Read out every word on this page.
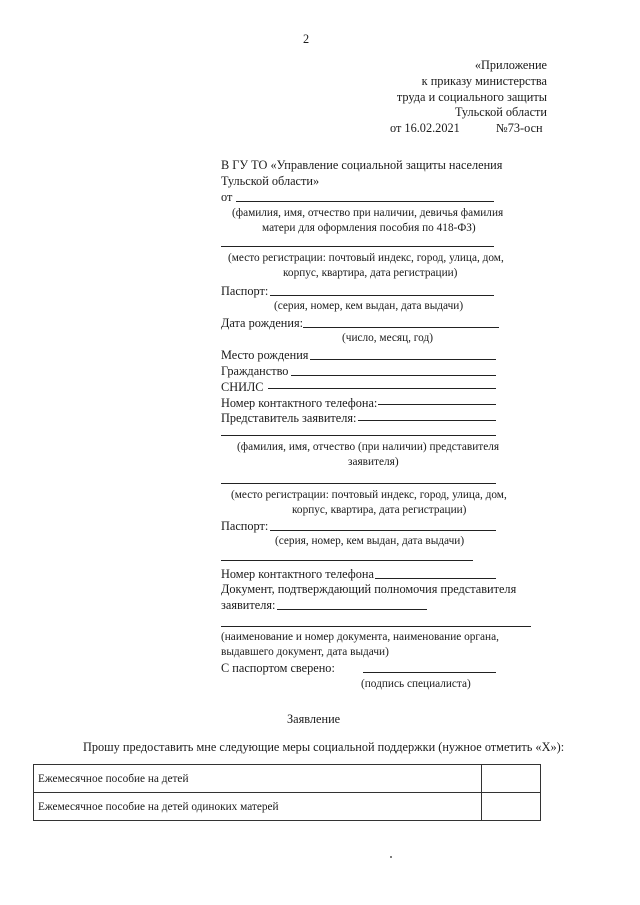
2
«Приложение
к приказу министерства
труда и социального защиты
Тульской области
от 16.02.2021	№73-осн
В ГУ ТО «Управление социальной защиты населения
Тульской области»
от
(фамилия, имя, отчество при наличии, девичья фамилия
матери для оформления пособия по 418-ФЗ)
(место регистрации: почтовый индекс, город, улица, дом,
корпус, квартира, дата регистрации)
Паспорт:
(серия, номер, кем выдан, дата выдачи)
Дата рождения:
(число, месяц, год)
Место рождения
Гражданство
СНИЛС
Номер контактного телефона:
Представитель заявителя:
(фамилия, имя, отчество (при наличии) представителя
заявителя)
(место регистрации: почтовый индекс, город, улица, дом,
корпус, квартира, дата регистрации)
Паспорт:
(серия, номер, кем выдан, дата выдачи)
Номер контактного телефона
Документ, подтверждающий полномочия представителя
заявителя:
(наименование и номер документа, наименование органа,
выдавшего документ, дата выдачи)
С паспортом сверено:
(подпись специалиста)
Заявление
Прошу предоставить мне следующие меры социальной поддержки (нужное отметить «Х»):
Ежемесячное пособие на детей	
Ежемесячное пособие на детей одиноких матерей	
